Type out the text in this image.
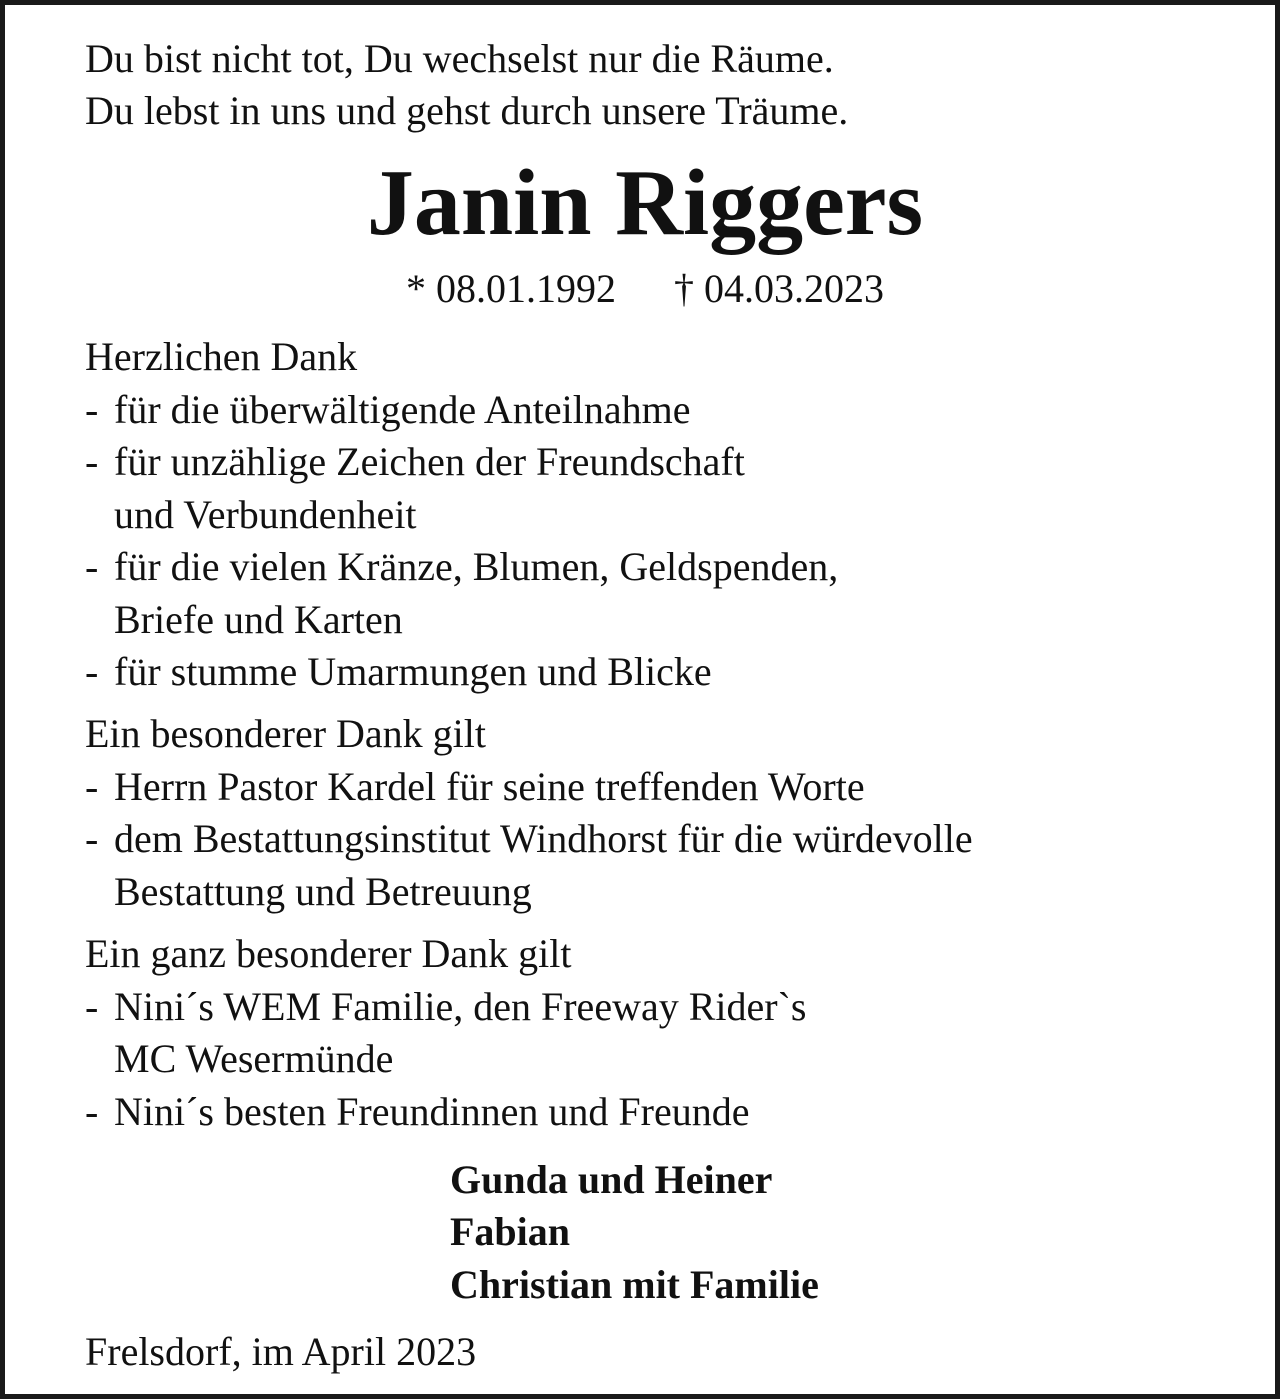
Du bist nicht tot, Du wechselst nur die Räume.

Du lebst in uns und gehst durch unsere Träume.

Janin Riggers

* 08.01.1992 † 04.03.2023

Herzlichen Dank

- für die überwältigende Anteilnahme

- für unzählige Zeichen der Freundschaft

und Verbundenheit

- für die vielen Kränze, Blumen, Geldspenden,

Briefe und Karten

- für stumme Umarmungen und Blicke

Ein besonderer Dank gilt

- Herrn Pastor Kardel für seine treffenden Worte

- dem Bestattungsinstitut Windhorst für die würdevolle

Bestattung und Betreuung

Ein ganz besonderer Dank gilt

- Nini´s WEM Familie, den Freeway Rider`s

MC Wesermünde

- Nini´s besten Freundinnen und Freunde

Gunda und Heiner

Fabian

Christian mit Familie

Frelsdorf, im April 2023
